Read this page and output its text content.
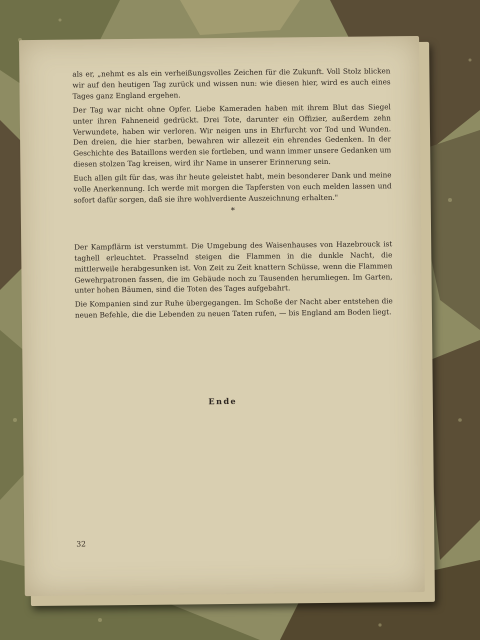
als er, „nehmt es als ein verheißungsvolles Zeichen für die Zukunft. Voll Stolz blicken wir auf den heutigen Tag zurück und wissen nun: wie diesen hier, wird es auch eines Tages ganz England ergehen.

Der Tag war nicht ohne Opfer. Liebe Kameraden haben mit ihrem Blut das Siegel unter ihren Fahneneid gedrückt. Drei Tote, darunter ein Offizier, außerdem zehn Verwundete, haben wir verloren. Wir neigen uns in Ehrfurcht vor Tod und Wunden. Den dreien, die hier starben, bewahren wir allezeit ein ehrendes Gedenken. In der Geschichte des Bataillons werden sie fortleben, und wann immer unsere Gedanken um diesen stolzen Tag kreisen, wird ihr Name in unserer Erinnerung sein.

Euch allen gilt für das, was ihr heute geleistet habt, mein besonderer Dank und meine volle Anerkennung. Ich werde mit morgen die Tapfersten von euch melden lassen und sofort dafür sorgen, daß sie ihre wohlverdiente Auszeichnung erhalten."

*

Der Kampflärm ist verstummt. Die Umgebung des Waisenhauses von Hazebrouck ist taghell erleuchtet. Prasselnd steigen die Flammen in die dunkle Nacht, die mittlerweile herabgesunken ist. Von Zeit zu Zeit knattern Schüsse, wenn die Flammen Gewehrpatronen fassen, die im Gebäude noch zu Tausenden herumliegen. Im Garten, unter hohen Bäumen, sind die Toten des Tages aufgebahrt.

Die Kompanien sind zur Ruhe übergegangen. Im Schoße der Nacht aber entstehen die neuen Befehle, die die Lebenden zu neuen Taten rufen, — bis England am Boden liegt.

Ende
32
